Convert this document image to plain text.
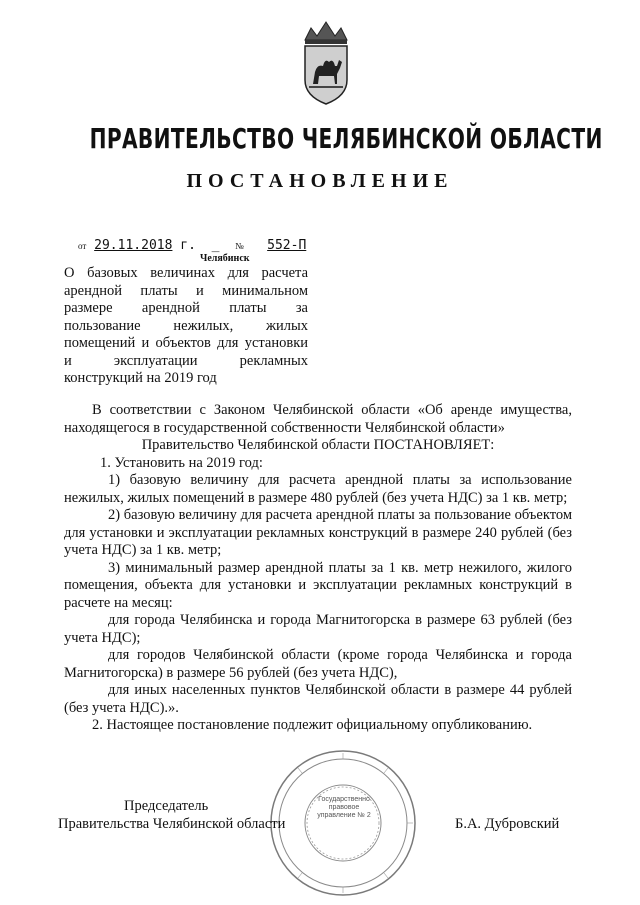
ПРАВИТЕЛЬСТВО ЧЕЛЯБИНСКОЙ ОБЛАСТИ
ПОСТАНОВЛЕНИЕ
от 29.11.2018 г.  _  № 552-П
Челябинск
О базовых величинах для расчета арендной платы и минимальном размере арендной платы за пользование нежилых, жилых помещений и объектов для установки и эксплуатации рекламных конструкций на 2019 год

В соответствии с Законом Челябинской области «Об аренде имущества, находящегося в государственной собственности Челябинской области»

Правительство Челябинской области ПОСТАНОВЛЯЕТ:

1. Установить на 2019 год:

1) базовую величину для расчета арендной платы за использование нежилых, жилых помещений в размере 480 рублей (без учета НДС) за 1 кв. метр;

2) базовую величину для расчета арендной платы за пользование объектом для установки и эксплуатации рекламных конструкций в размере 240 рублей (без учета НДС) за 1 кв. метр;

3) минимальный размер арендной платы за 1 кв. метр нежилого, жилого помещения, объекта для установки и эксплуатации рекламных конструкций в расчете на месяц:

для города Челябинска и города Магнитогорска в размере 63 рублей (без учета НДС);

для городов Челябинской области (кроме города Челябинска и города Магнитогорска) в размере 56 рублей (без учета НДС),

для иных населенных пунктов Челябинской области в размере 44 рублей (без учета НДС).».

2. Настоящее постановление подлежит официальному опубликованию.

Государственно правовое управление № 2
Председатель
Правительства Челябинской области	Б.А. Дубровский
